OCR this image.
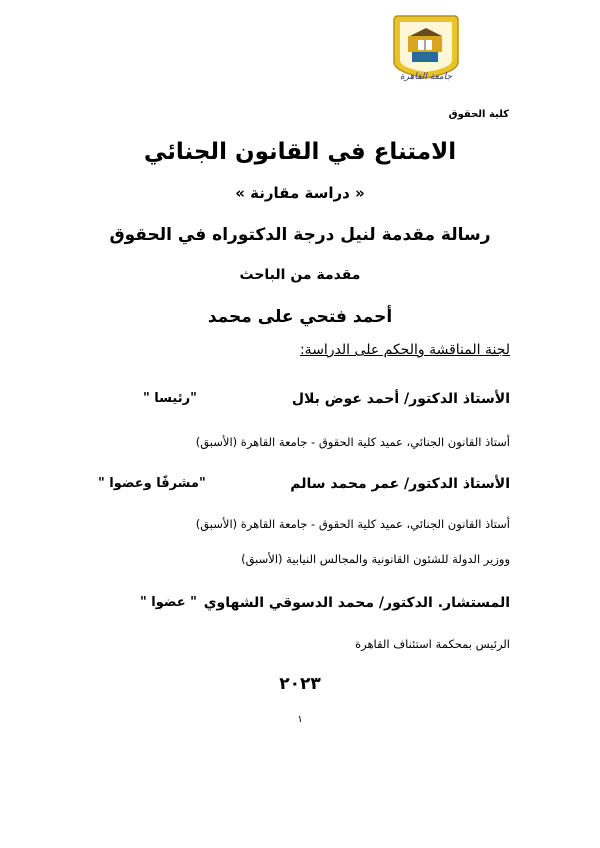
جامعة القاهرة
كلية الحقوق
الامتناع في القانون الجنائي
« دراسة مقارنة »
رسالة مقدمة لنيل درجة الدكتوراه في الحقوق
مقدمة من الباحث
أحمد فتحي على محمد
لجنة المناقشة والحكم على الدراسة:
الأستاذ الدكتور/ أحمد عوض بلال
"رئيسا "
أستاذ القانون الجنائي، عميد كلية الحقوق - جامعة القاهرة (الأسبق)
الأستاذ الدكتور/ عمر محمد سالم
"مشرفًا وعضوا "
أستاذ القانون الجنائي، عميد كلية الحقوق - جامعة القاهرة (الأسبق)
ووزير الدولة للشئون القانونية والمجالس النيابية (الأسبق)
المستشار. الدكتور/ محمد الدسوقي الشهاوي
" عضوا "
الرئيس بمحكمة استئناف القاهرة
٢٠٢٣
١
